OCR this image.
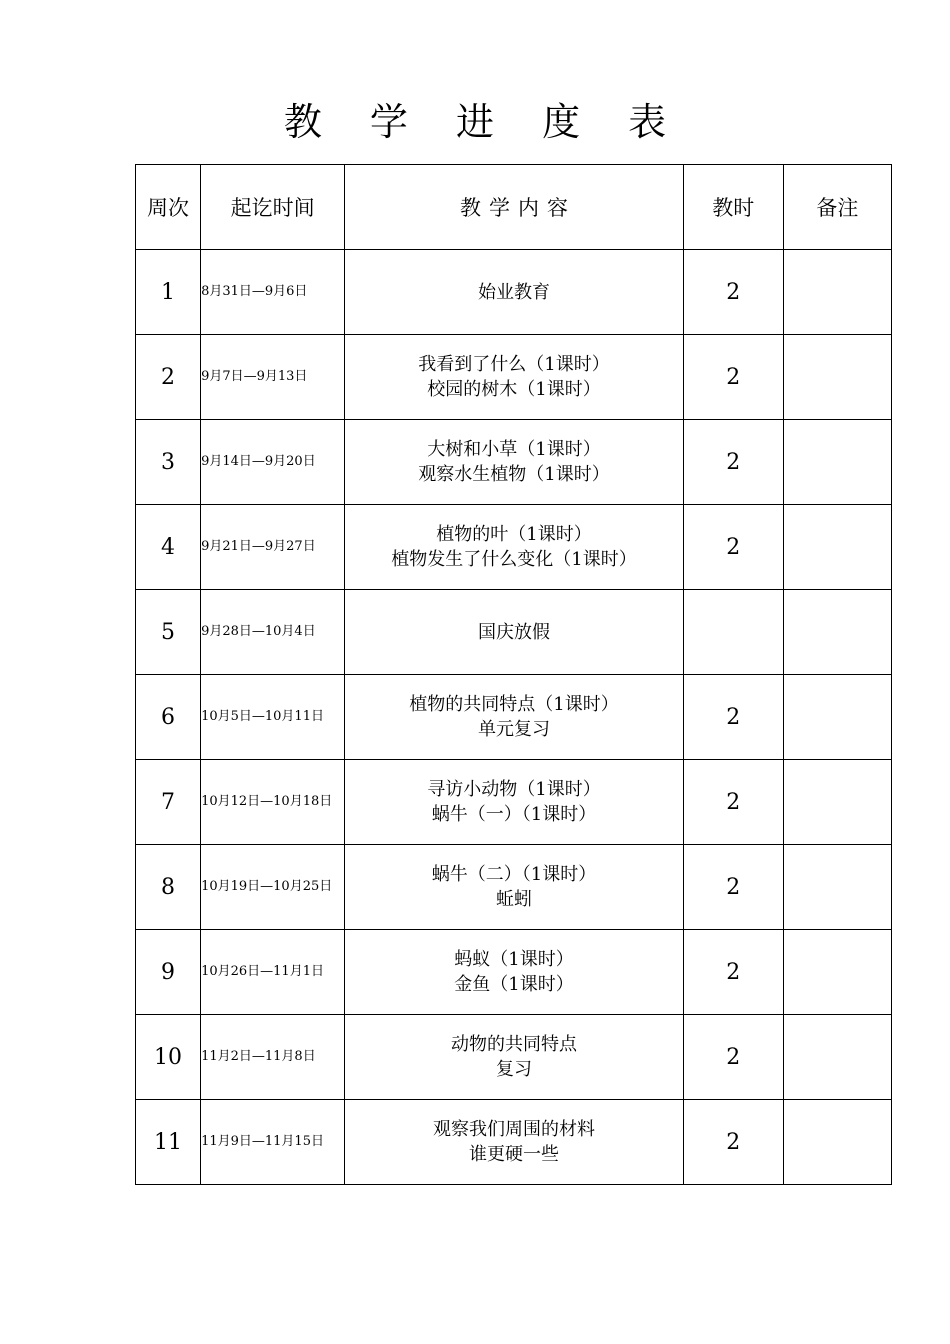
教 学 进 度 表
周次	起讫时间	教学内容	教时	备注
1	8月31日—9月6日	始业教育	2	
2	9月7日—9月13日	我看到了什么（1课时）
校园的树木（1课时）	2	
3	9月14日—9月20日	大树和小草（1课时）
观察水生植物（1课时）	2	
4	9月21日—9月27日	植物的叶（1课时）
植物发生了什么变化（1课时）	2	
5	9月28日—10月4日	国庆放假		

6	10月5日—10月11日	植物的共同特点（1课时）
单元复习	2	
7	10月12日—10月18日	寻访小动物（1课时）
蜗牛（一）（1课时）	2	
8	10月19日—10月25日	蜗牛（二）（1课时）
蚯蚓	2	
9	10月26日—11月1日	蚂蚁（1课时）
金鱼（1课时）	2	
10	11月2日—11月8日	动物的共同特点
复习	2	
11	11月9日—11月15日	观察我们周围的材料
谁更硬一些	2	
